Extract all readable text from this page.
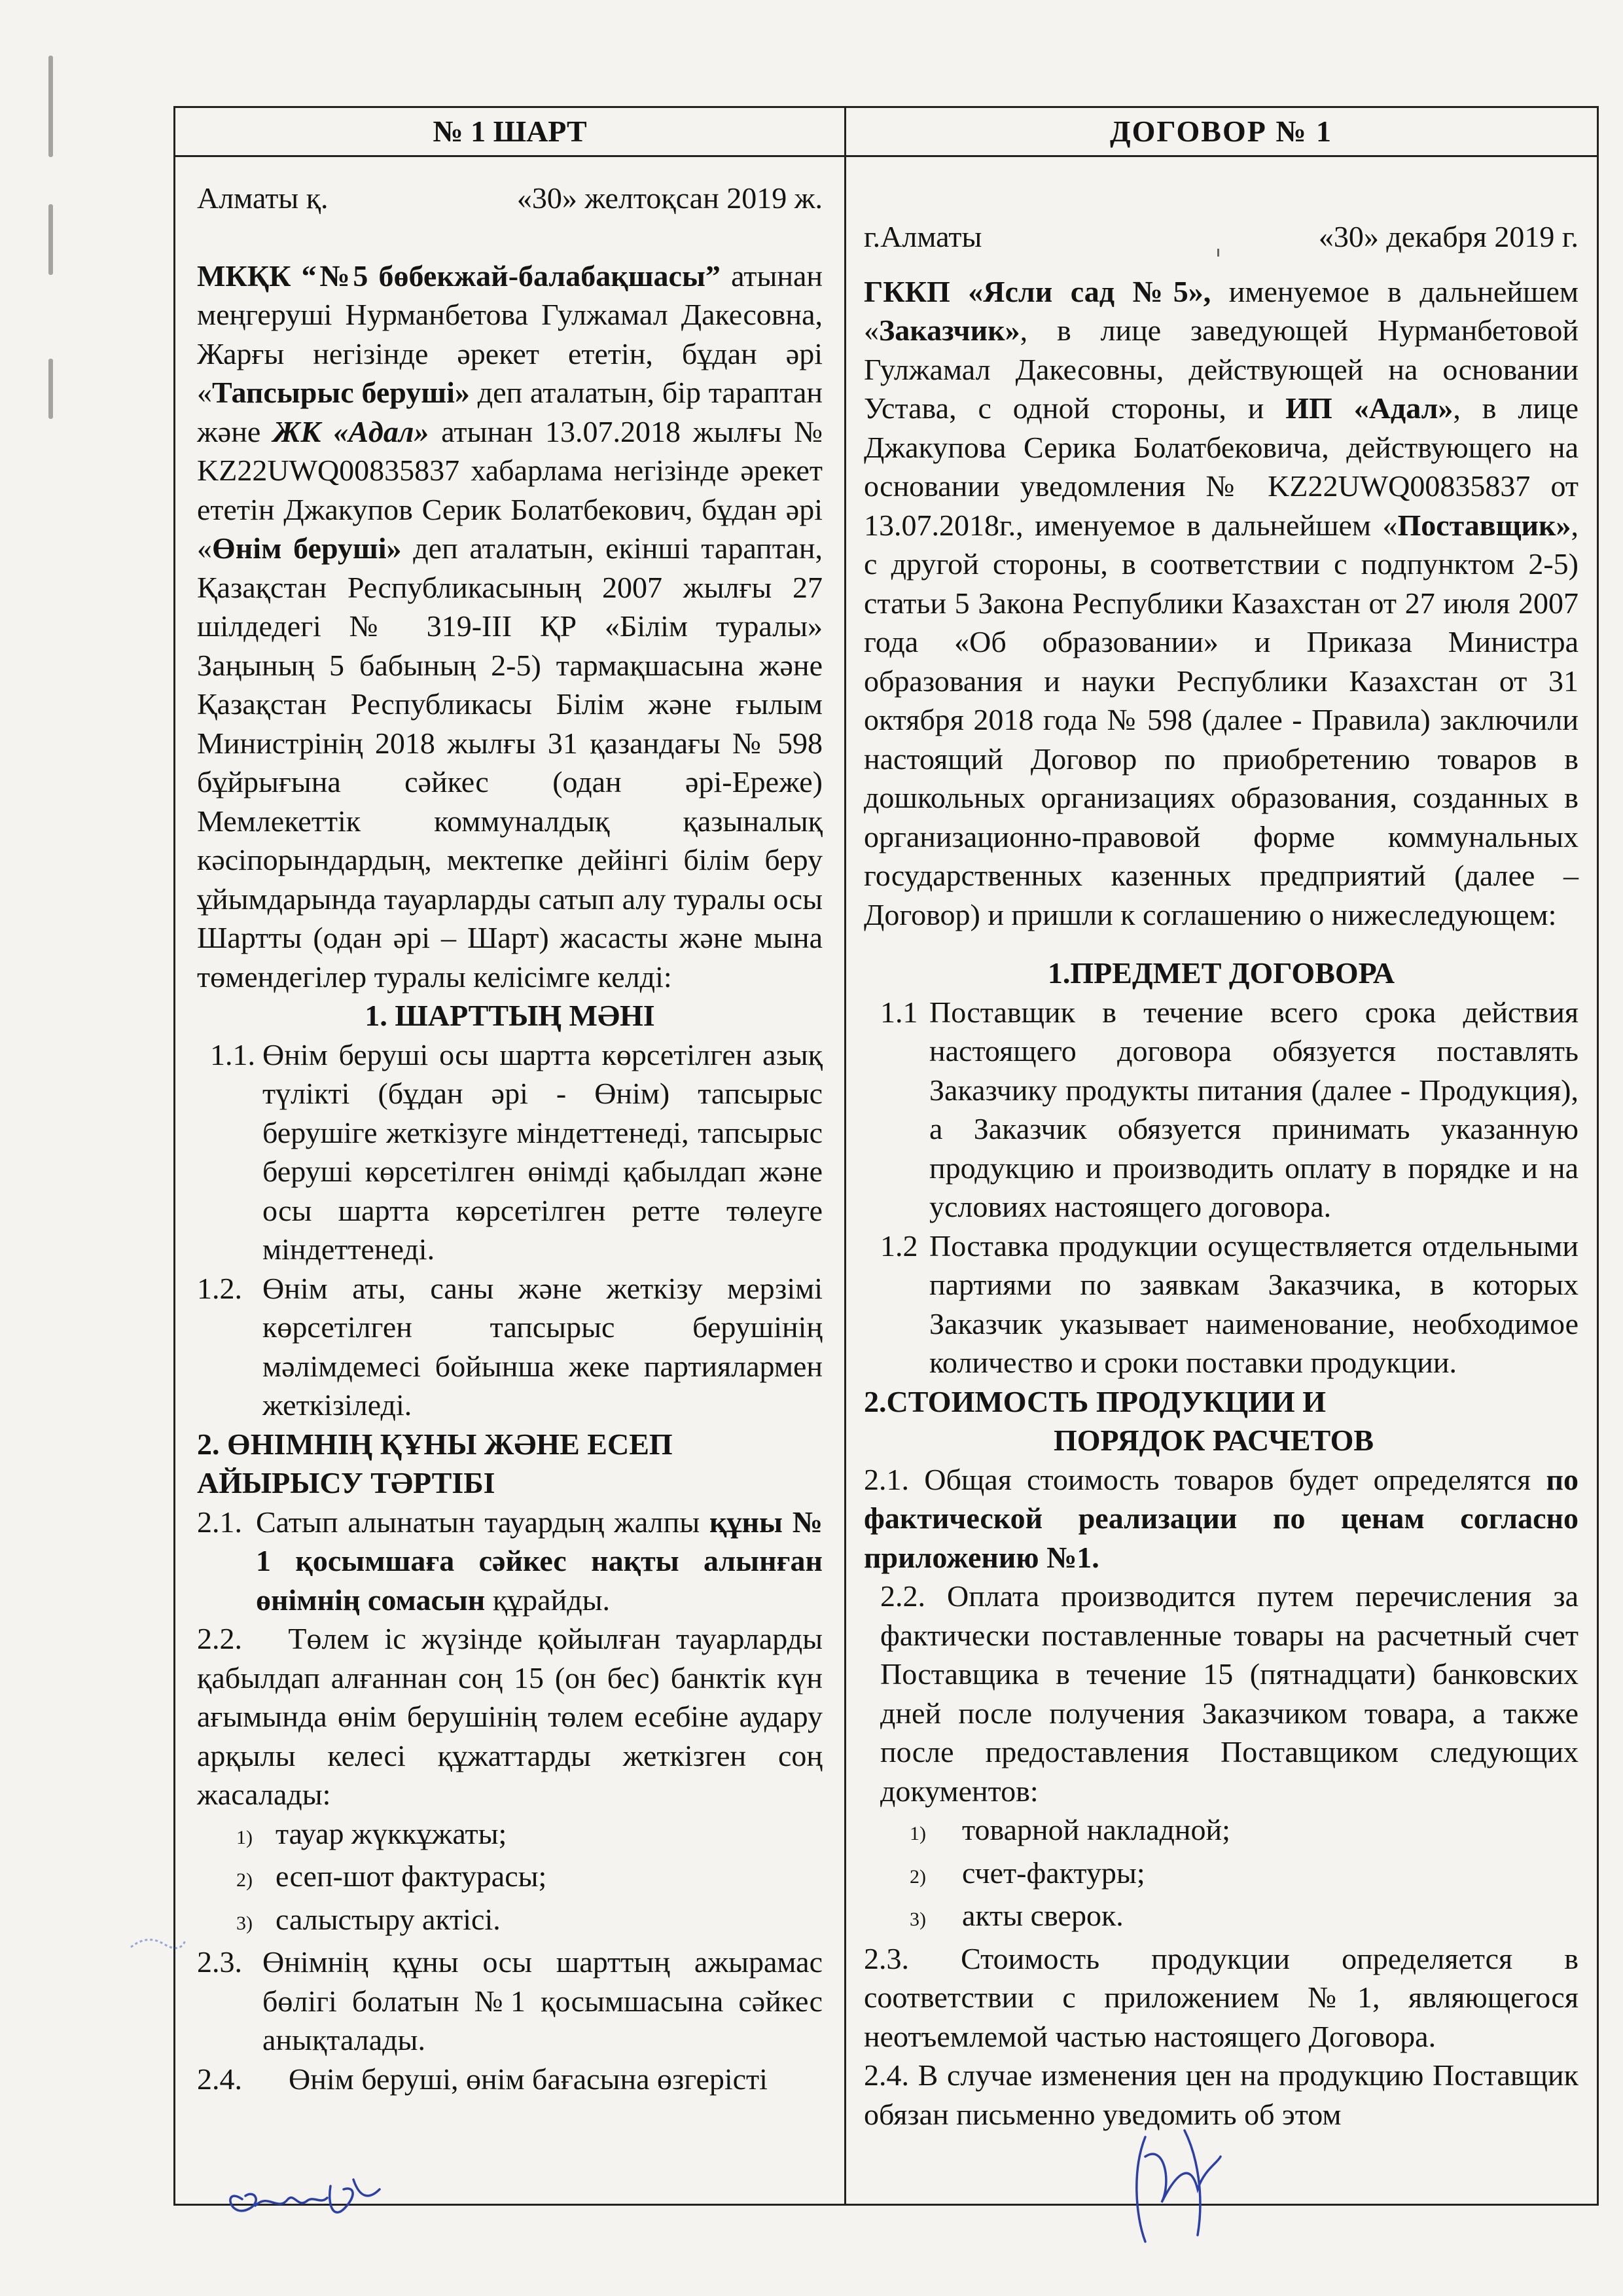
№ 1 ШАРТ
Алматы қ.	«30» желтоқсан 2019 ж.

МКҚК “№5 бөбекжай-балабақшасы” атынан меңгеруші Нурманбетова Гулжамал Дакесовна, Жарғы негізінде әрекет ететін, бұдан әрі «Тапсырыс беруші» деп аталатын, бір тараптан және ЖК «Адал» атынан 13.07.2018 жылғы № KZ22UWQ00835837 хабарлама негізінде әрекет ететін Джакупов Серик Болатбекович, бұдан әрі «Өнім беруші» деп аталатын, екінші тараптан, Қазақстан Республикасының 2007 жылғы 27 шілдедегі № 319-III ҚР «Білім туралы» Заңының 5 бабының 2-5) тармақшасына және Қазақстан Республикасы Білім және ғылым Министрінің 2018 жылғы 31 қазандағы № 598 бұйрығына сәйкес (одан әрі-Ереже) Мемлекеттік коммуналдық қазыналық кәсіпорындардың, мектепке дейінгі білім беру ұйымдарында тауарларды сатып алу туралы осы Шартты (одан әрі – Шарт) жасасты және мына төмендегілер туралы келісімге келді:

1. ШАРТТЫҢ МӘНІ

1.1. Өнім беруші осы шартта көрсетілген азық түлікті (бұдан әрі - Өнім) тапсырыс берушіге жеткізуге міндеттенеді, тапсырыс беруші көрсетілген өнімді қабылдап және осы шартта көрсетілген ретте төлеуге міндеттенеді.
1.2. Өнім аты, саны және жеткізу мерзімі көрсетілген тапсырыс берушінің мәлімдемесі бойынша жеке партиялармен жеткізіледі.

2. ӨНІМНІҢ ҚҰНЫ ЖӘНЕ ЕСЕП АЙЫРЫСУ ТӘРТІБІ

2.1. Сатып алынатын тауардың жалпы құны № 1 қосымшаға сәйкес нақты алынған өнімнің сомасын құрайды.

2.2. Төлем іс жүзінде қойылған тауарларды қабылдап алғаннан соң 15 (он бес) банктік күн ағымында өнім берушінің төлем есебіне аудару арқылы келесі құжаттарды жеткізген соң жасалады:

1) тауар жүккұжаты;
2) есеп-шот фактурасы;
3) салыстыру актісі.
2.3. Өнімнің құны осы шарттың ажырамас бөлігі болатын №1 қосымшасына сәйкес анықталады.
2.4.	Өнім беруші, өнім бағасына өзгерісті
ДОГОВОР № 1
г.Алматы	«30» декабря 2019 г.

ГККП «Ясли сад №5», именуемое в дальнейшем «Заказчик», в лице заведующей Нурманбетовой Гулжамал Дакесовны, действующей на основании Устава, с одной стороны, и ИП «Адал», в лице Джакупова Серика Болатбековича, действующего на основании уведомления № KZ22UWQ00835837 от 13.07.2018г., именуемое в дальнейшем «Поставщик», с другой стороны, в соответствии с подпунктом 2-5) статьи 5 Закона Республики Казахстан от 27 июля 2007 года «Об образовании» и Приказа Министра образования и науки Республики Казахстан от 31 октября 2018 года № 598 (далее - Правила) заключили настоящий Договор по приобретению товаров в дошкольных организациях образования, созданных в организационно-правовой форме коммунальных государственных казенных предприятий (далее – Договор) и пришли к соглашению о нижеследующем:

1.ПРЕДМЕТ ДОГОВОРА

1.1 Поставщик в течение всего срока действия настоящего договора обязуется поставлять Заказчику продукты питания (далее - Продукция), а Заказчик обязуется принимать указанную продукцию и производить оплату в порядке и на условиях настоящего договора.
1.2 Поставка продукции осуществляется отдельными партиями по заявкам Заказчика, в которых Заказчик указывает наименование, необходимое количество и сроки поставки продукции.

2.СТОИМОСТЬ ПРОДУКЦИИ И

ПОРЯДОК РАСЧЕТОВ

2.1. Общая стоимость товаров будет определятся по фактической реализации по ценам согласно приложению №1.

2.2. Оплата производится путем перечисления за фактически поставленные товары на расчетный счет Поставщика в течение 15 (пятнадцати) банковских дней после получения Заказчиком товара, а также после предоставления Поставщиком следующих документов:

1)	товарной накладной;
2)	счет-фактуры;
3)	акты сверок.

2.3. Стоимость продукции определяется в соответствии с приложением №1, являющегося неотъемлемой частью настоящего Договора.

2.4. В случае изменения цен на продукцию Поставщик обязан письменно уведомить об этом
